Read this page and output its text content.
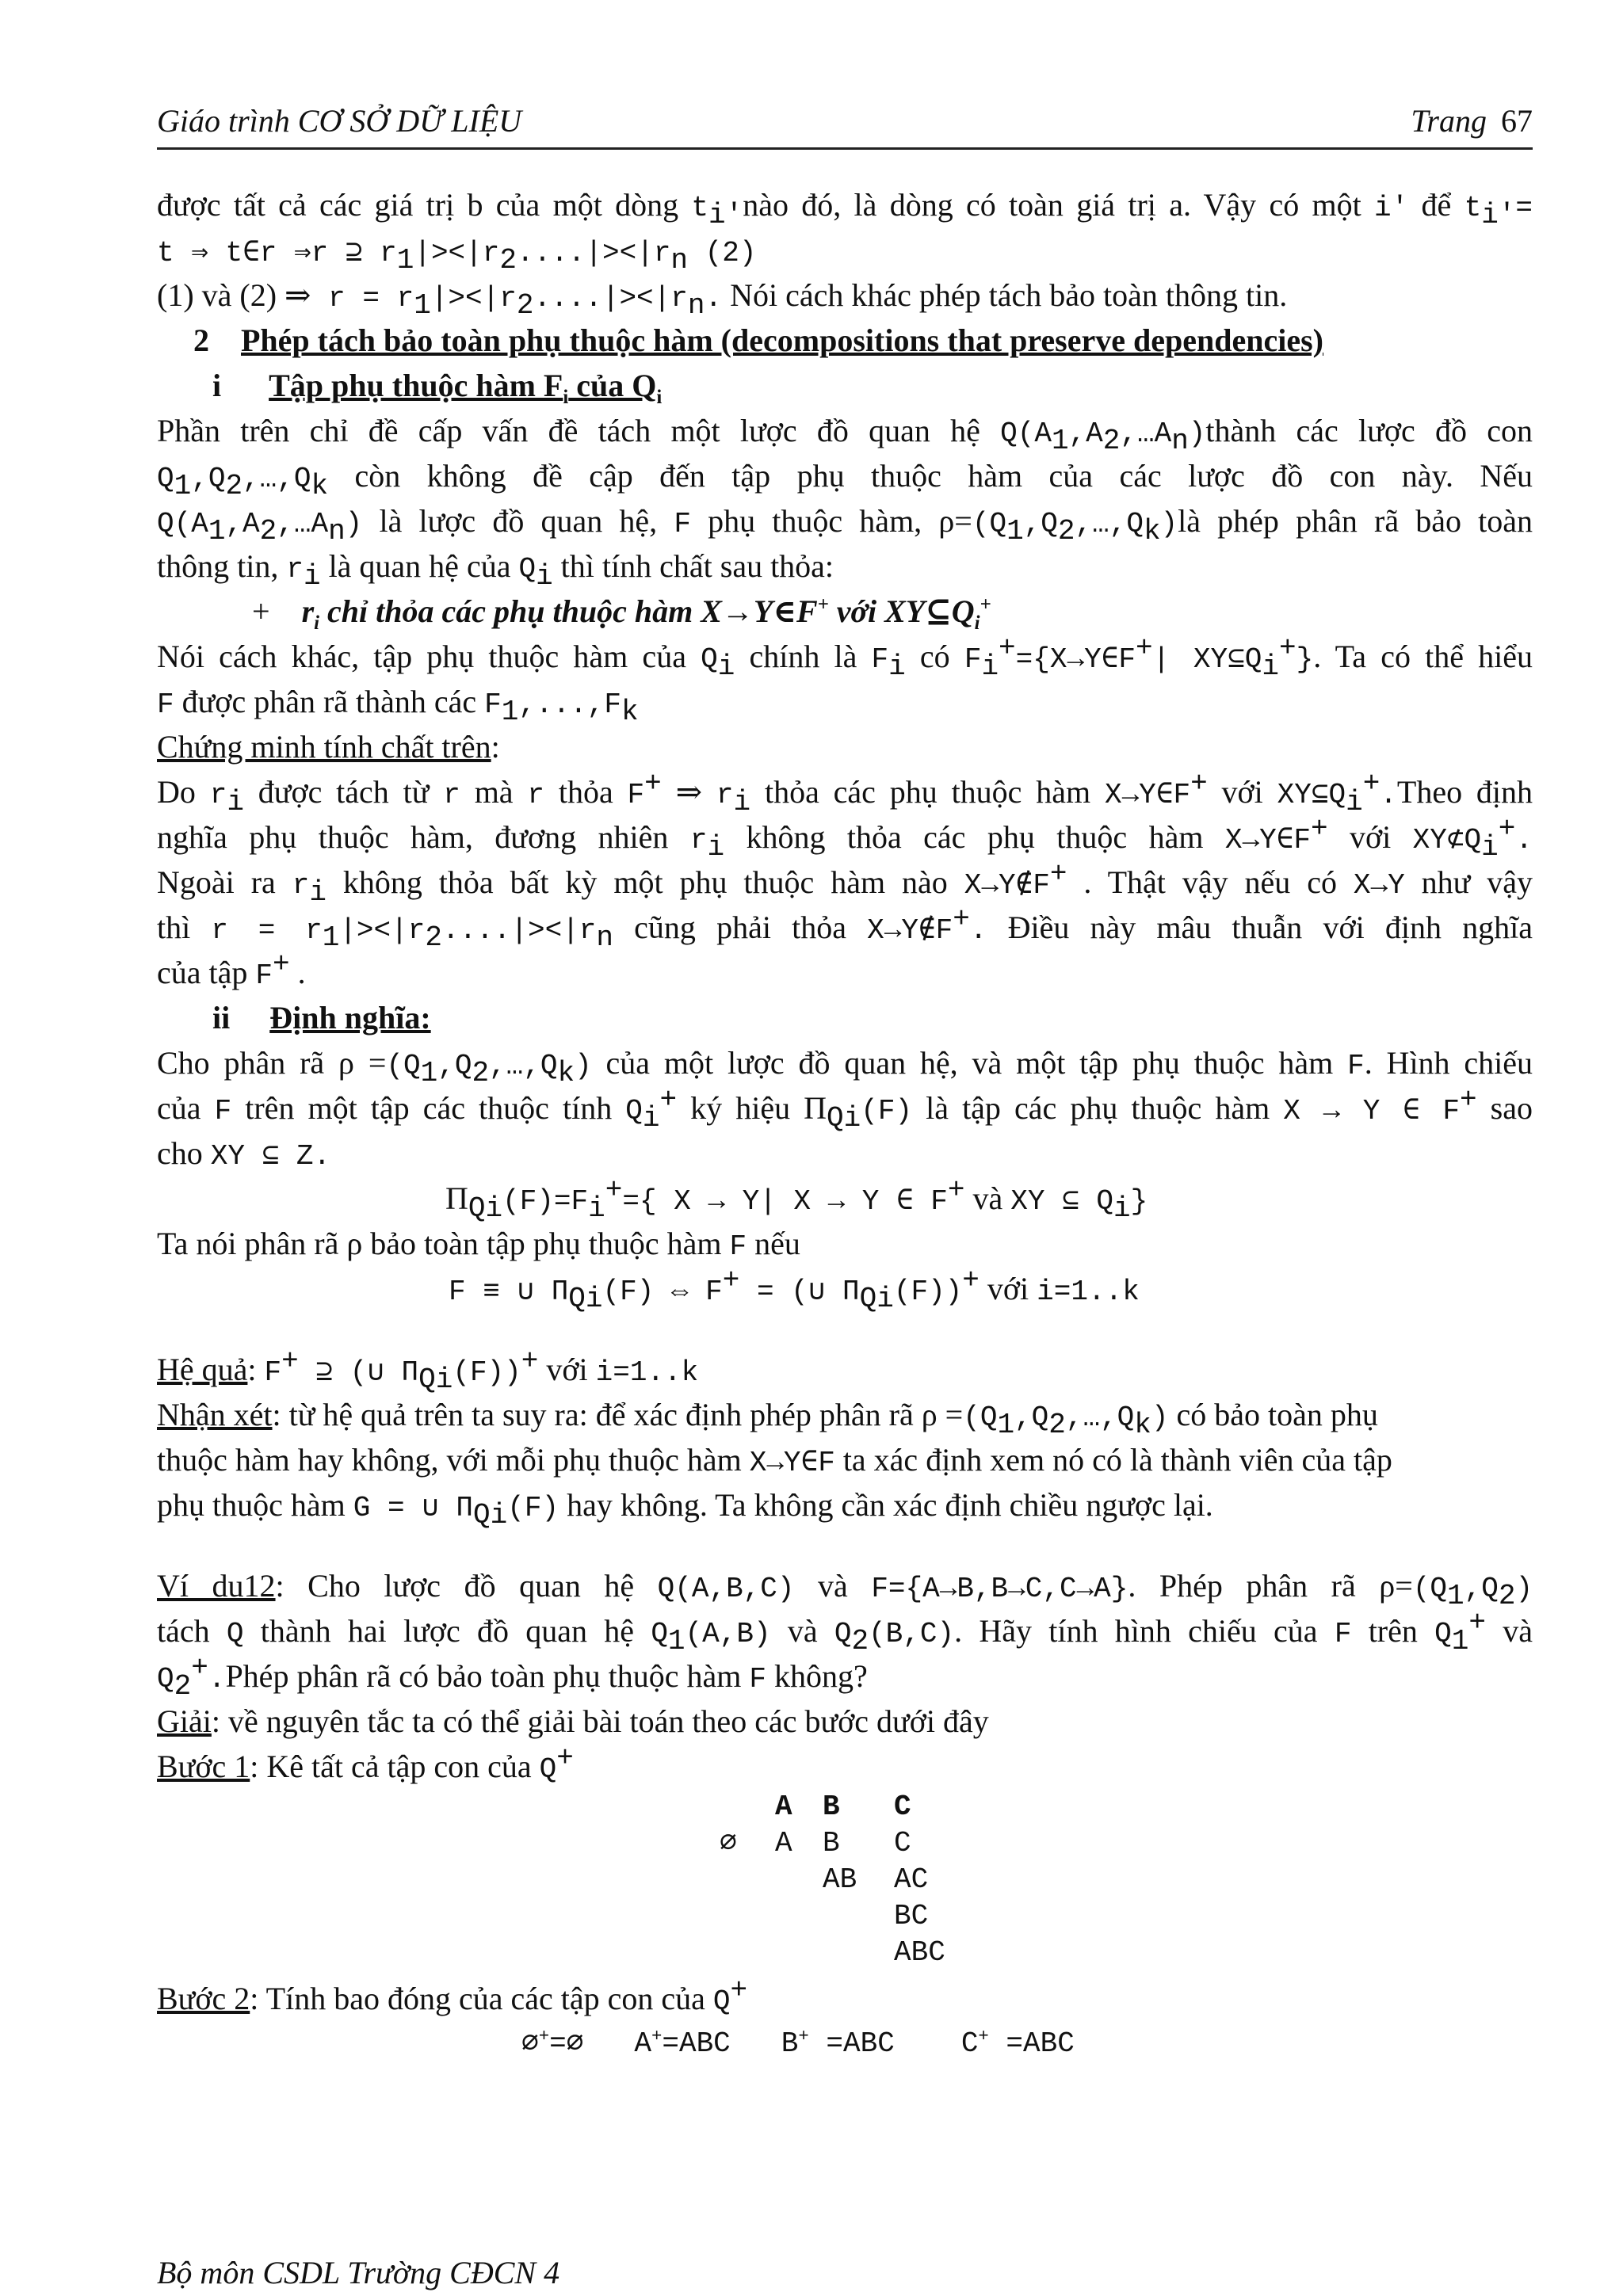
Giáo trình CƠ SỞ DỮ LIỆU	Trang 67
được tất cả các giá trị b của một dòng $t_{i'}nào$ đó, là dòng có toàn giá trị a. Vậy có một i' để $t_{i'}=$
t ⇒ t∈r ⇒r ⊇ $r_1|><|r_2....|><|r_n$ (2)
(1) và (2) ⇒ $r = r_1|><|r_2....|><|r_n$. Nói cách khác phép tách bảo toàn thông tin.
2 Phép tách bảo toàn phụ thuộc hàm (decompositions that preserve dependencies)
i Tập phụ thuộc hàm $F_i$ của $Q_i$
Phần trên chỉ đề cấp vấn đề tách một lược đồ quan hệ $Q(A_1,A_2,\dots A_n)thành$ các lược đồ con
$Q_1,Q_2,\dots,Q_k$ còn không đề cập đến tập phụ thuộc hàm của các lược đồ con này. Nếu
$Q(A_1,A_2,\dots A_n)$ là lược đồ quan hệ, F phụ thuộc hàm, $\rho=(Q_1,Q_2,\dots,Q_k)là$ phép phân rã bảo toàn
thông tin, $r_i$ là quan hệ của $Q_i$ thì tính chất sau thỏa:
+ $r_i$ chỉ thỏa các phụ thuộc hàm X→Y∈F+ với $XY⊆Q_i^+$
Nói cách khác, tập phụ thuộc hàm của $Q_i$ chính là $F_i$ có $F_i^+=\{X\to Y\in F^+|$ $XY⊆Q_i^+$}. Ta có thể hiểu
F được phân rã thành các $F_1,...,F_k$
Chứng minh tính chất trên:
Do $r_i$ được tách từ r mà r thỏa F+ ⇒ $r_i$ thỏa các phụ thuộc hàm X→Y∈F+ với $XY⊆Q_i^+.Theo$ định
nghĩa phụ thuộc hàm, đương nhiên $r_i$ không thỏa các phụ thuộc hàm X→Y∈F+ với $XY⊄Q_i^+$.
Ngoài ra $r_i$ không thỏa bất kỳ một phụ thuộc hàm nào X→Y∉F+ . Thật vậy nếu có X→Y như vậy
thì $r = r_1|><|r_2....|><|r_n$ cũng phải thỏa X→Y∉F+. Điều này mâu thuẫn với định nghĩa
của tập F+ .
ii Định nghĩa:
Cho phân rã $\rho =(Q_1,Q_2,\dots,Q_k)$ của một lược đồ quan hệ, và một tập phụ thuộc hàm F. Hình chiếu
của F trên một tập các thuộc tính $Q_i^+$ ký hiệu $\Pi_{Qi}(F)$ là tập các phụ thuộc hàm X → Y ∈ F+ sao
cho XY ⊆ Z.
$\Pi_{Qi}(F)=F_i^+=${ X → Y| X → Y ∈ F+ và XY ⊆ $Q_i$}
Ta nói phân rã ρ bảo toàn tập phụ thuộc hàm F nếu
F ≡ ∪ $\Pi_{Qi}(F)$ ⇔ F+ = (∪ $\Pi_{Qi}(F))^+$ với i=1..k
Hệ quả: F+ ⊇ (∪ $\Pi_{Qi}(F))^+$ với i=1..k
Nhận xét: từ hệ quả trên ta suy ra: để xác định phép phân rã $\rho =(Q_1,Q_2,\dots,Q_k)$ có bảo toàn phụ
thuộc hàm hay không, với mỗi phụ thuộc hàm X→Y∈F ta xác định xem nó có là thành viên của tập
phụ thuộc hàm G = ∪ $\Pi_{Qi}(F)$ hay không. Ta không cần xác định chiều ngược lại.
Ví du12: Cho lược đồ quan hệ Q(A,B,C) và F={A→B,B→C,C→A}. Phép phân rã $\rho=(Q_1,Q_2)$
tách Q thành hai lược đồ quan hệ $Q_1(A,B)$ và $Q_2(B,C)$. Hãy tính hình chiếu của F trên $Q_1^+$ và
$Q_2^+.Phép$ phân rã có bảo toàn phụ thuộc hàm F không?
Giải: về nguyên tắc ta có thể giải bài toán theo các bước dưới đây
Bước 1: Kê tất cả tập con của Q+
	A	B	C
∅	A	B	C
		AB	AC
			BC
			ABC
Bước 2: Tính bao đóng của các tập con của Q+
∅+=∅ A+=ABC B+ =ABC C+ =ABC
Bộ môn CSDL Trường CĐCN 4
